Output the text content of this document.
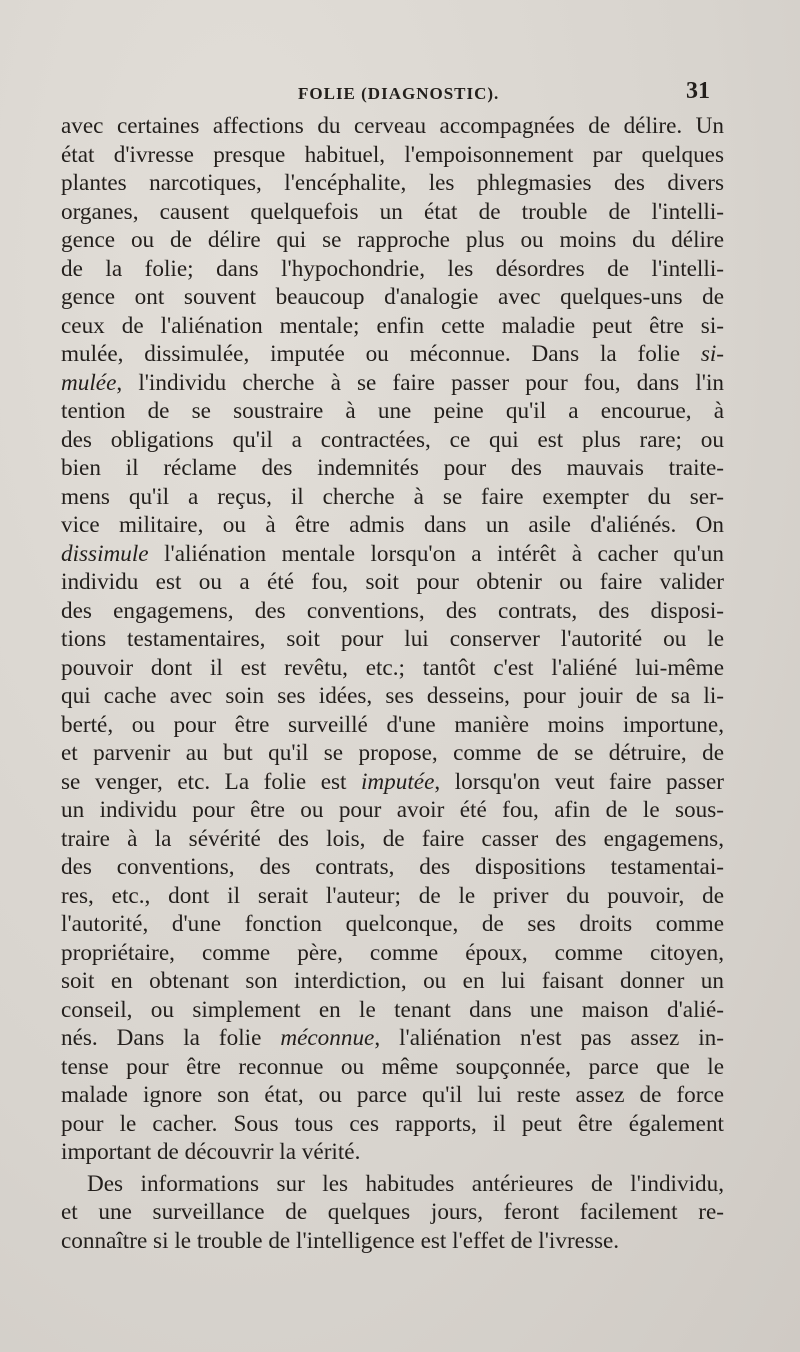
FOLIE (DIAGNOSTIC).	31
avec certaines affections du cerveau accompagnées de délire. Un
état d'ivresse presque habituel, l'empoisonnement par quelques
plantes narcotiques, l'encéphalite, les phlegmasies des divers
organes, causent quelquefois un état de trouble de l'intelli-
gence ou de délire qui se rapproche plus ou moins du délire
de la folie; dans l'hypochondrie, les désordres de l'intelli-
gence ont souvent beaucoup d'analogie avec quelques-uns de
ceux de l'aliénation mentale; enfin cette maladie peut être si-
mulée, dissimulée, imputée ou méconnue. Dans la folie si-
mulée, l'individu cherche à se faire passer pour fou, dans l'in
tention de se soustraire à une peine qu'il a encourue, à
des obligations qu'il a contractées, ce qui est plus rare; ou
bien il réclame des indemnités pour des mauvais traite-
mens qu'il a reçus, il cherche à se faire exempter du ser-
vice militaire, ou à être admis dans un asile d'aliénés. On
dissimule l'aliénation mentale lorsqu'on a intérêt à cacher qu'un
individu est ou a été fou, soit pour obtenir ou faire valider
des engagemens, des conventions, des contrats, des disposi-
tions testamentaires, soit pour lui conserver l'autorité ou le
pouvoir dont il est revêtu, etc.; tantôt c'est l'aliéné lui-même
qui cache avec soin ses idées, ses desseins, pour jouir de sa li-
berté, ou pour être surveillé d'une manière moins importune,
et parvenir au but qu'il se propose, comme de se détruire, de
se venger, etc. La folie est imputée, lorsqu'on veut faire passer
un individu pour être ou pour avoir été fou, afin de le sous-
traire à la sévérité des lois, de faire casser des engagemens,
des conventions, des contrats, des dispositions testamentai-
res, etc., dont il serait l'auteur; de le priver du pouvoir, de
l'autorité, d'une fonction quelconque, de ses droits comme
propriétaire, comme père, comme époux, comme citoyen,
soit en obtenant son interdiction, ou en lui faisant donner un
conseil, ou simplement en le tenant dans une maison d'alié-
nés. Dans la folie méconnue, l'aliénation n'est pas assez in-
tense pour être reconnue ou même soupçonnée, parce que le
malade ignore son état, ou parce qu'il lui reste assez de force
pour le cacher. Sous tous ces rapports, il peut être également
important de découvrir la vérité.
Des informations sur les habitudes antérieures de l'individu,
et une surveillance de quelques jours, feront facilement re-
connaître si le trouble de l'intelligence est l'effet de l'ivresse.
